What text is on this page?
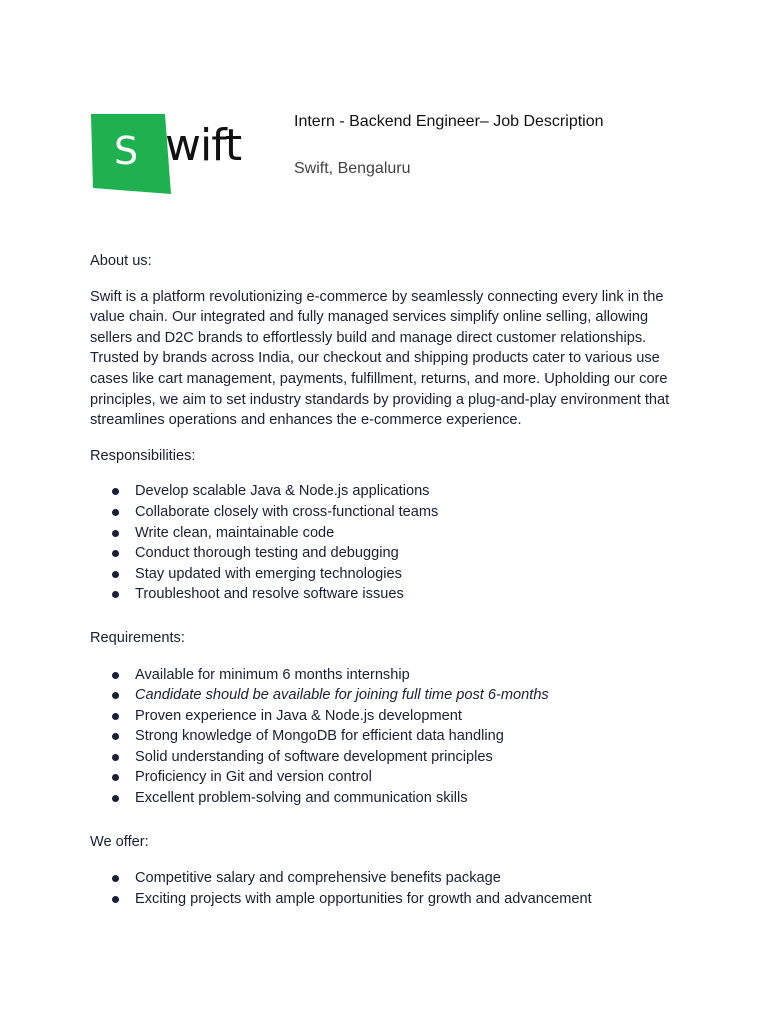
S wift	Intern - Backend Engineer– Job Description
Swift, Bengaluru

About us:

Swift is a platform revolutionizing e-commerce by seamlessly connecting every link in the value chain. Our integrated and fully managed services simplify online selling, allowing sellers and D2C brands to effortlessly build and manage direct customer relationships. Trusted by brands across India, our checkout and shipping products cater to various use cases like cart management, payments, fulfillment, returns, and more. Upholding our core principles, we aim to set industry standards by providing a plug-and-play environment that streamlines operations and enhances the e-commerce experience.

Responsibilities:

Develop scalable Java & Node.js applications
Collaborate closely with cross-functional teams
Write clean, maintainable code
Conduct thorough testing and debugging
Stay updated with emerging technologies
Troubleshoot and resolve software issues

Requirements:

Available for minimum 6 months internship
Candidate should be available for joining full time post 6-months
Proven experience in Java & Node.js development
Strong knowledge of MongoDB for efficient data handling
Solid understanding of software development principles
Proficiency in Git and version control
Excellent problem-solving and communication skills

We offer:

Competitive salary and comprehensive benefits package
Exciting projects with ample opportunities for growth and advancement
